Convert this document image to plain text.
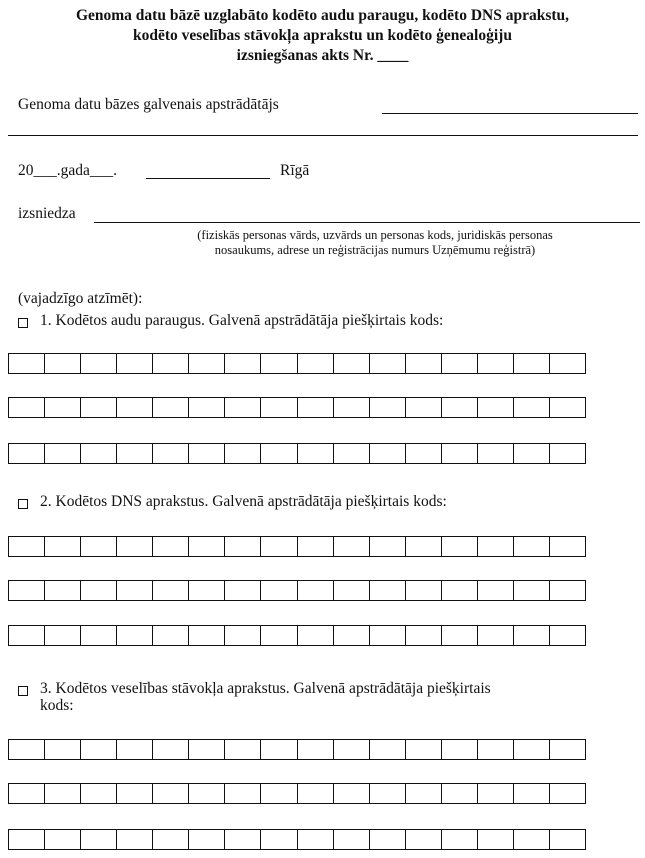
Genoma datu bāzē uzglabāto kodēto audu paraugu, kodēto DNS aprakstu,
kodēto veselības stāvokļa aprakstu un kodēto ģenealoģiju
izsniegšanas akts Nr. ____
Genoma datu bāzes galvenais apstrādātājs
20___.gada___.	Rīgā
izsniedza
(fiziskās personas vārds, uzvārds un personas kods, juridiskās personas
nosaukums, adrese un reģistrācijas numurs Uzņēmumu reģistrā)
(vajadzīgo atzīmēt):
1. Kodētos audu paraugus. Galvenā apstrādātāja piešķirtais kods:
2. Kodētos DNS aprakstus. Galvenā apstrādātāja piešķirtais kods:
3. Kodētos veselības stāvokļa aprakstus. Galvenā apstrādātāja piešķirtais
kods:
